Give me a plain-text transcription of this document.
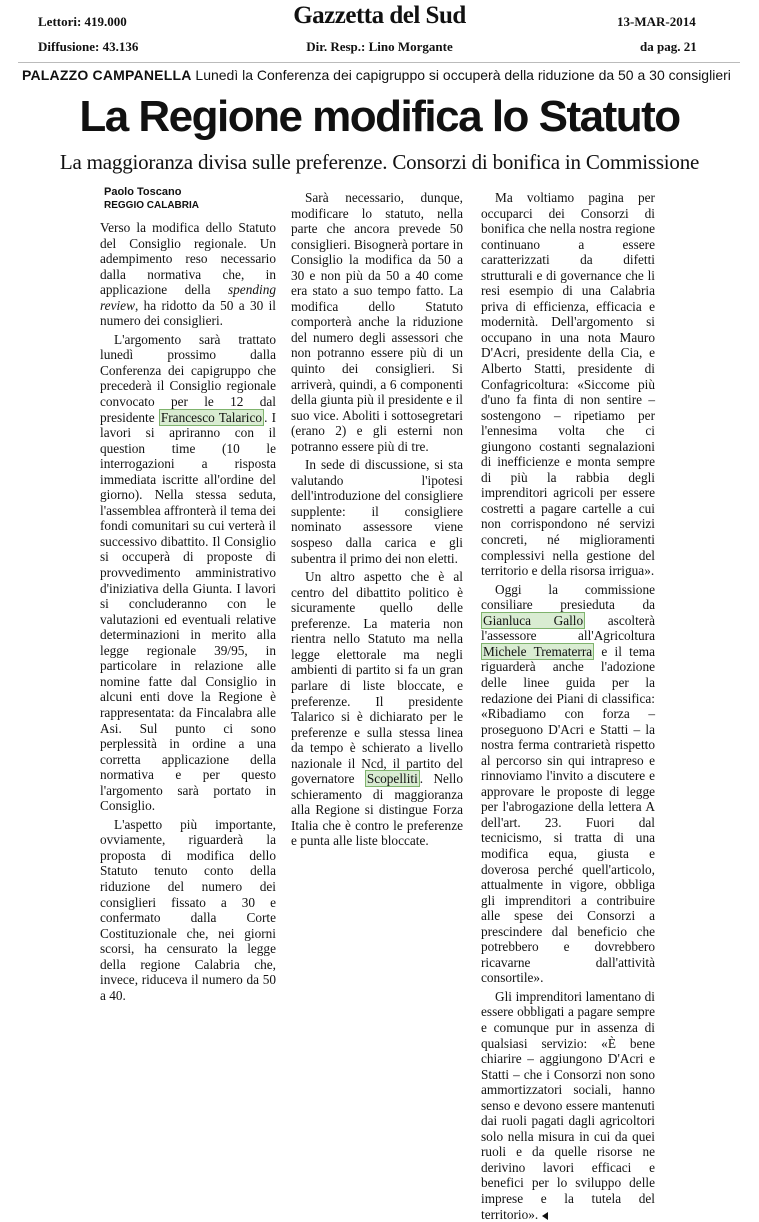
Lettori: 419.000
Diffusione: 43.136
Gazzetta del Sud
Dir. Resp.: Lino Morgante
13-MAR-2014
da pag. 21
PALAZZO CAMPANELLA Lunedì la Conferenza dei capigruppo si occuperà della riduzione da 50 a 30 consiglieri
La Regione modifica lo Statuto
La maggioranza divisa sulle preferenze. Consorzi di bonifica in Commissione
Paolo Toscano
REGGIO CALABRIA

Verso la modifica dello Statuto del Consiglio regionale. Un adempimento reso necessario dalla normativa che, in applicazione della spending review, ha ridotto da 50 a 30 il numero dei consiglieri.

L'argomento sarà trattato lunedì prossimo dalla Conferenza dei capigruppo che precederà il Consiglio regionale convocato per le 12 dal presidente Francesco Talarico . I lavori si apriranno con il question time (10 le interrogazioni a risposta immediata iscritte all'ordine del giorno). Nella stessa seduta, l'assemblea affronterà il tema dei fondi comunitari su cui verterà il successivo dibattito. Il Consiglio si occuperà di proposte di provvedimento amministrativo d'iniziativa della Giunta. I lavori si concluderanno con le valutazioni ed eventuali relative determinazioni in merito alla legge regionale 39/95, in particolare in relazione alle nomine fatte dal Consiglio in alcuni enti dove la Regione è rappresentata: da Fincalabra alle Asi. Sul punto ci sono perplessità in ordine a una corretta applicazione della normativa e per questo l'argomento sarà portato in Consiglio.

L'aspetto più importante, ovviamente, riguarderà la proposta di modifica dello Statuto tenuto conto della riduzione del numero dei consiglieri fissato a 30 e confermato dalla Corte Costituzionale che, nei giorni scorsi, ha censurato la legge della regione Calabria che, invece, riduceva il numero da 50 a 40.

Sarà necessario, dunque, modificare lo statuto, nella parte che ancora prevede 50 consiglieri. Bisognerà portare in Consiglio la modifica da 50 a 30 e non più da 50 a 40 come era stato a suo tempo fatto. La modifica dello Statuto comporterà anche la riduzione del numero degli assessori che non potranno essere più di un quinto dei consiglieri. Si arriverà, quindi, a 6 componenti della giunta più il presidente e il suo vice. Aboliti i sottosegretari (erano 2) e gli esterni non potranno essere più di tre.

In sede di discussione, si sta valutando l'ipotesi dell'introduzione del consigliere supplente: il consigliere nominato assessore viene sospeso dalla carica e gli subentra il primo dei non eletti.

Un altro aspetto che è al centro del dibattito politico è sicuramente quello delle preferenze. La materia non rientra nello Statuto ma nella legge elettorale ma negli ambienti di partito si fa un gran parlare di liste bloccate, e preferenze. Il presidente Talarico si è dichiarato per le preferenze e sulla stessa linea da tempo è schierato a livello nazionale il Ncd, il partito del governatore Scopelliti . Nello schieramento di maggioranza alla Regione si distingue Forza Italia che è contro le preferenze e punta alle liste bloccate.

Ma voltiamo pagina per occuparci dei Consorzi di bonifica che nella nostra regione continuano a essere caratterizzati da difetti strutturali e di governance che li resi esempio di una Calabria priva di efficienza, efficacia e modernità. Dell'argomento si occupano in una nota Mauro D'Acri, presidente della Cia, e Alberto Statti, presidente di Confagricoltura: «Siccome più d'uno fa finta di non sentire – sostengono – ripetiamo per l'ennesima volta che ci giungono costanti segnalazioni di inefficienze e monta sempre di più la rabbia degli imprenditori agricoli per essere costretti a pagare cartelle a cui non corrispondono né servizi concreti, né miglioramenti complessivi nella gestione del territorio e della risorsa irrigua».

Oggi la commissione consiliare presieduta da Gianluca Gallo ascolterà l'assessore all'Agricoltura Michele Trematerra e il tema riguarderà anche l'adozione delle linee guida per la redazione dei Piani di classifica: «Ribadiamo con forza – proseguono D'Acri e Statti – la nostra ferma contrarietà rispetto al percorso sin qui intrapreso e rinnoviamo l'invito a discutere e approvare le proposte di legge per l'abrogazione della lettera A dell'art. 23. Fuori dal tecnicismo, si tratta di una modifica equa, giusta e doverosa perché quell'articolo, attualmente in vigore, obbliga gli imprenditori a contribuire alle spese dei Consorzi a prescindere dal beneficio che potrebbero e dovrebbero ricavarne dall'attività consortile».

Gli imprenditori lamentano di essere obbligati a pagare sempre e comunque pur in assenza di qualsiasi servizio: «È bene chiarire – aggiungono D'Acri e Statti – che i Consorzi non sono ammortizzatori sociali, hanno senso e devono essere mantenuti dai ruoli pagati dagli agricoltori solo nella misura in cui da quei ruoli e da quelle risorse ne derivino lavori efficaci e benefici per lo sviluppo delle imprese e la tutela del territorio».
